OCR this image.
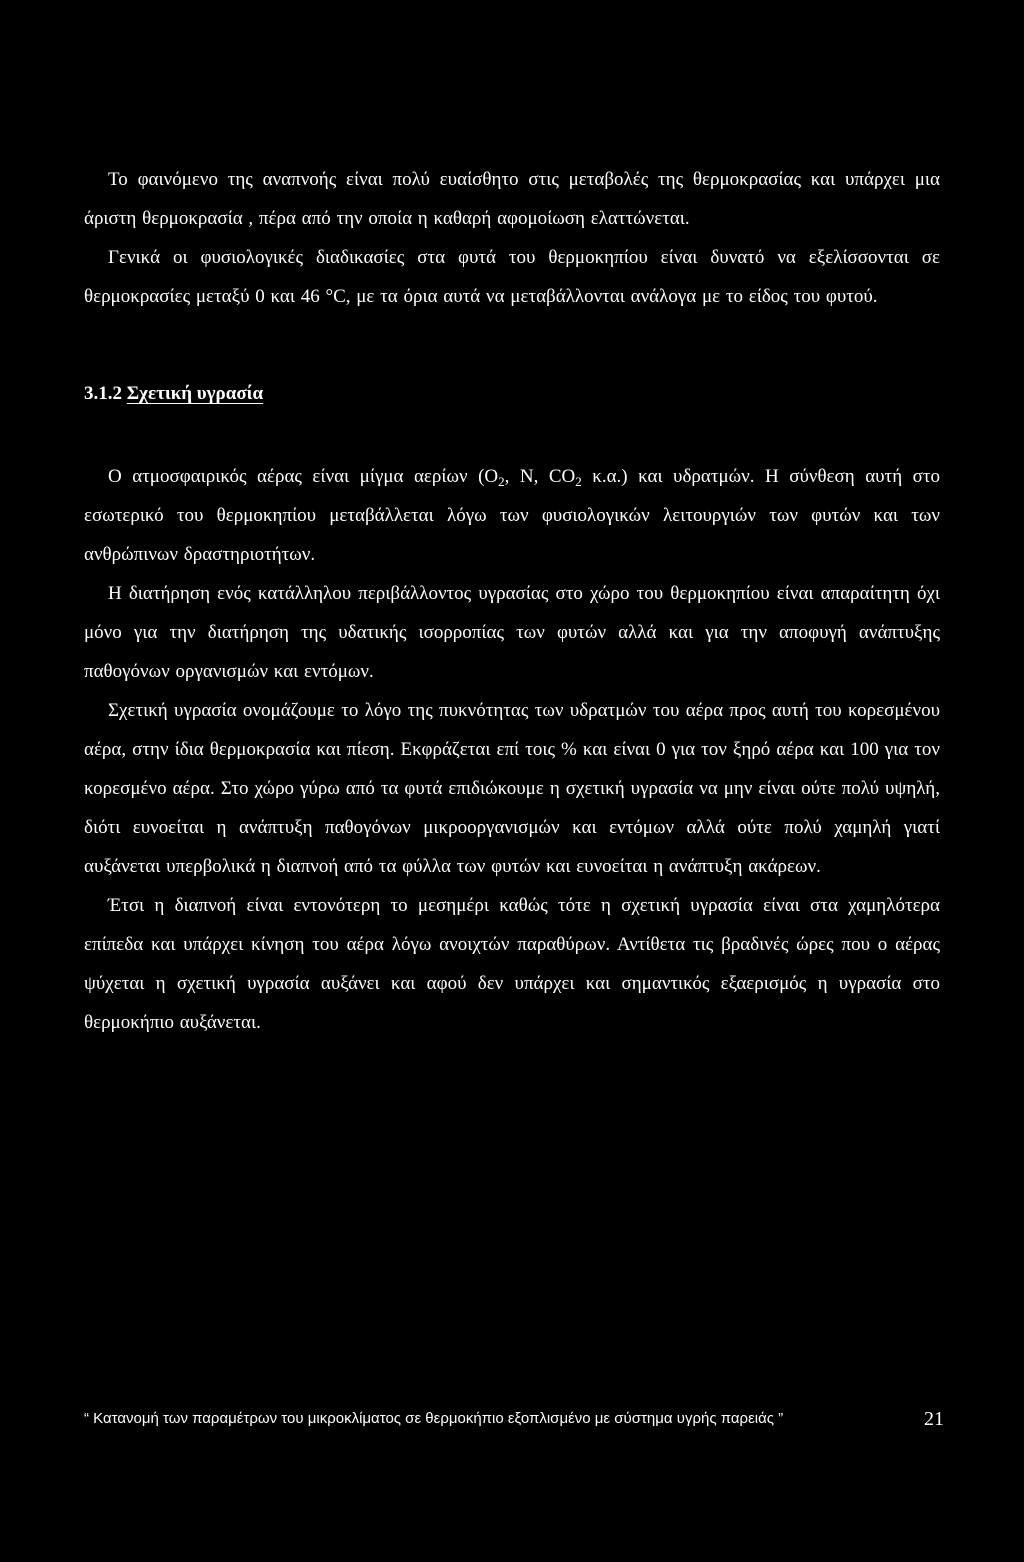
Το φαινόμενο της αναπνοής είναι πολύ ευαίσθητο στις μεταβολές της θερμοκρασίας και υπάρχει μια άριστη θερμοκρασία , πέρα από την οποία η καθαρή αφομοίωση ελαττώνεται.

Γενικά οι φυσιολογικές διαδικασίες στα φυτά του θερμοκηπίου είναι δυνατό να εξελίσσονται σε θερμοκρασίες μεταξύ 0 και 46 °C, με τα όρια αυτά να μεταβάλλονται ανάλογα με το είδος του φυτού.

3.1.2 Σχετική υγρασία

Ο ατμοσφαιρικός αέρας είναι μίγμα αερίων ($O_2$, N, $CO_2$ κ.α.) και υδρατμών. Η σύνθεση αυτή στο εσωτερικό του θερμοκηπίου μεταβάλλεται λόγω των φυσιολογικών λειτουργιών των φυτών και των ανθρώπινων δραστηριοτήτων.

Η διατήρηση ενός κατάλληλου περιβάλλοντος υγρασίας στο χώρο του θερμοκηπίου είναι απαραίτητη όχι μόνο για την διατήρηση της υδατικής ισορροπίας των φυτών αλλά και για την αποφυγή ανάπτυξης παθογόνων οργανισμών και εντόμων.

Σχετική υγρασία ονομάζουμε το λόγο της πυκνότητας των υδρατμών του αέρα προς αυτή του κορεσμένου αέρα, στην ίδια θερμοκρασία και πίεση. Εκφράζεται επί τοις % και είναι 0 για τον ξηρό αέρα και 100 για τον κορεσμένο αέρα. Στο χώρο γύρω από τα φυτά επιδιώκουμε η σχετική υγρασία να μην είναι ούτε πολύ υψηλή, διότι ευνοείται η ανάπτυξη παθογόνων μικροοργανισμών και εντόμων αλλά ούτε πολύ χαμηλή γιατί αυξάνεται υπερβολικά η διαπνοή από τα φύλλα των φυτών και ευνοείται η ανάπτυξη ακάρεων.

Έτσι η διαπνοή είναι εντονότερη το μεσημέρι καθώς τότε η σχετική υγρασία είναι στα χαμηλότερα επίπεδα και υπάρχει κίνηση του αέρα λόγω ανοιχτών παραθύρων. Αντίθετα τις βραδινές ώρες που ο αέρας ψύχεται η σχετική υγρασία αυξάνει και αφού δεν υπάρχει και σημαντικός εξαερισμός η υγρασία στο θερμοκήπιο αυξάνεται.

“ Κατανομή των παραμέτρων του μικροκλίματος σε θερμοκήπιο εξοπλισμένο με σύστημα υγρής παρειάς ”	21
